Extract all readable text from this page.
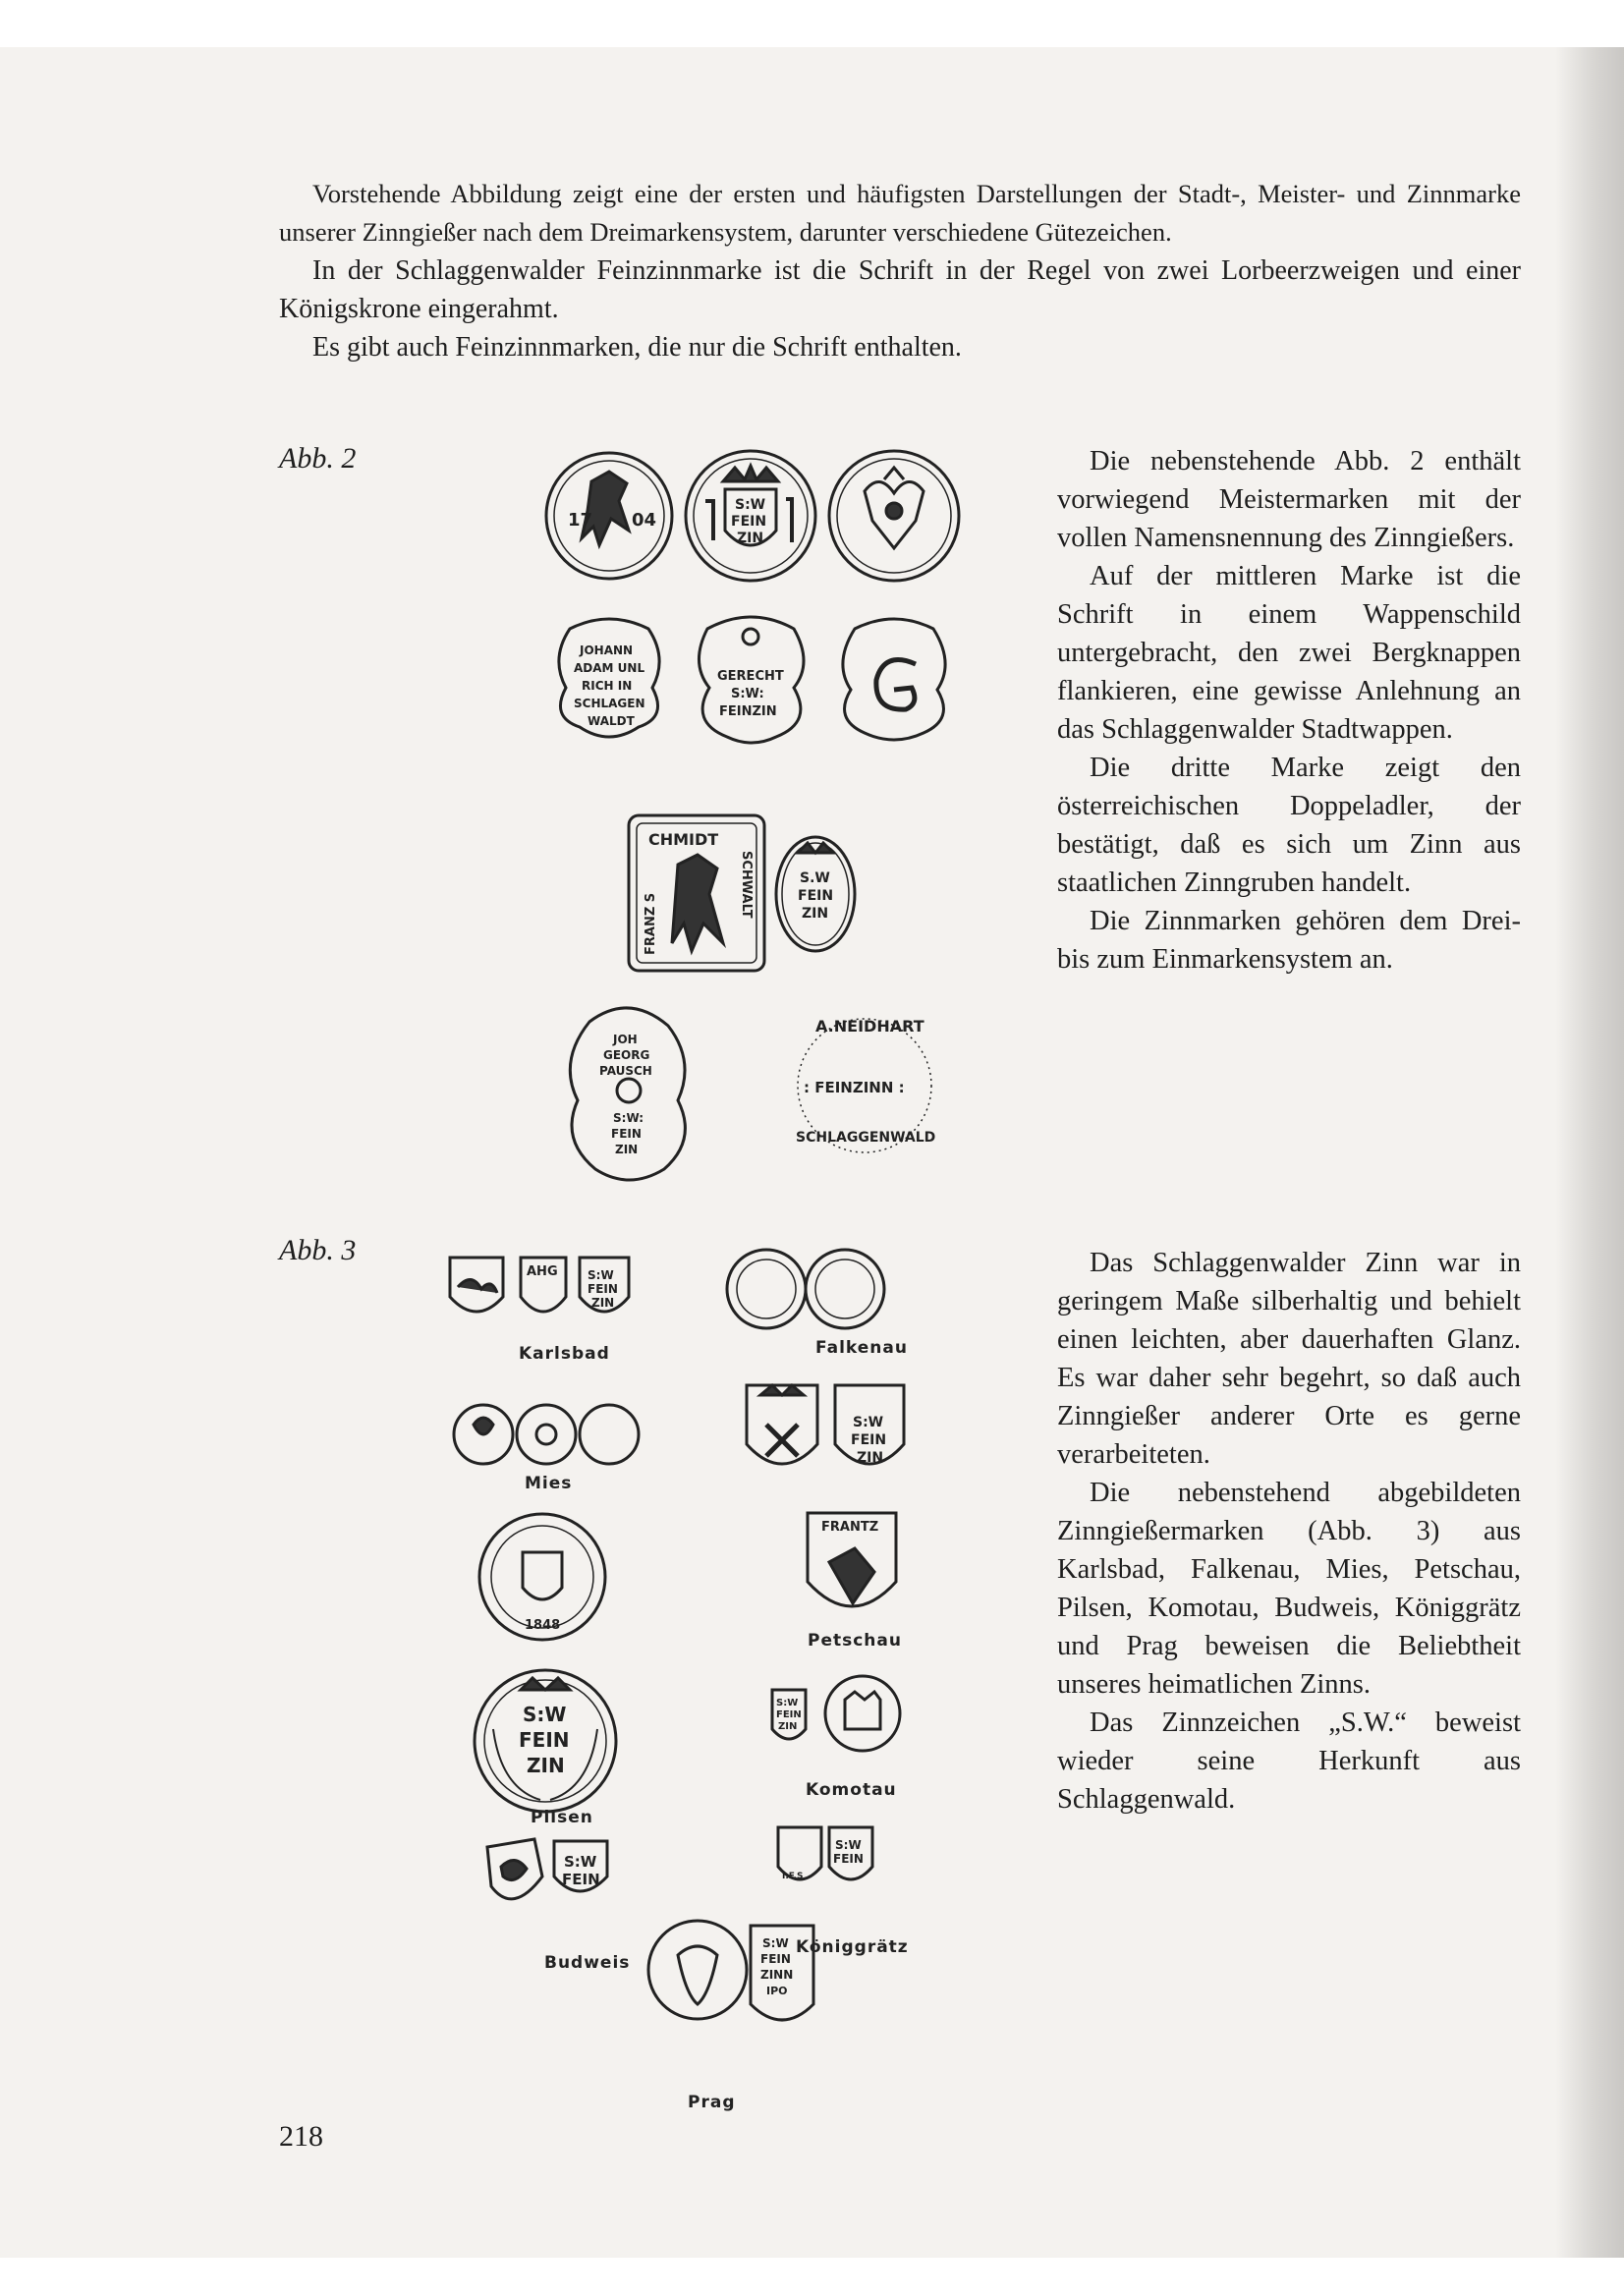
Vorstehende Abbildung zeigt eine der ersten und häufigsten Darstellungen der Stadt-, Meister- und Zinnmarke unserer Zinngießer nach dem Dreimarkensystem, darunter verschiedene Gütezeichen.

In der Schlaggenwalder Feinzinnmarke ist die Schrift in der Regel von zwei Lorbeerzweigen und einer Königskrone eingerahmt.

Es gibt auch Feinzinnmarken, die nur die Schrift enthalten.

Abb. 2	Die nebenstehende Abb. 2 enthält vorwiegend Meistermarken mit der vollen Namensnennung des Zinngießers.

Auf der mittleren Marke ist die Schrift in einem Wappenschild untergebracht, den zwei Bergknappen flankieren, eine gewisse Anlehnung an das Schlaggenwalder Stadtwappen.

Die dritte Marke zeigt den österreichischen Doppeladler, der bestätigt, daß es sich um Zinn aus staatlichen Zinngruben handelt.

Die Zinnmarken gehören dem Drei- bis zum Einmarkensystem an.

17 04
S:W
FEIN
ZIN
JOHANN
ADAM UNL
RICH IN
SCHLAGEN
WALDT
GERECHT
S:W:
FEINZIN
CHMIDT
FRANZ S
SCHWALT	S.W
FEIN
ZIN
JOH
GEORG
PAUSCH
S:W:
FEIN
ZIN
A.NEIDHART
: FEINZINN :
SCHLAGGENWALD
Abb. 3	Das Schlaggenwalder Zinn war in geringem Maße silberhaltig und behielt einen leichten, aber dauerhaften Glanz. Es war daher sehr begehrt, so daß auch Zinngießer anderer Orte es gerne verarbeiteten.

Die nebenstehend abgebildeten Zinngießermarken (Abb. 3) aus Karlsbad, Falkenau, Mies, Petschau, Pilsen, Komotau, Budweis, Königgrätz und Prag beweisen die Beliebtheit unseres heimatlichen Zinns.

Das Zinnzeichen „S.W.“ beweist wieder seine Herkunft aus Schlaggenwald.

AHG	S:W
FEIN
ZIN
S:W
FEIN
ZIN
1848
FRANTZ
S:W
FEIN
ZIN
S:W
FEIN
ZIN
S:W
FEIN	I.F.S
S:W
FEIN
S:W
FEIN
ZINN
IPO
Karlsbad	Falkenau
Mies
Petschau
Pilsen
Komotau
Budweis
Königgrätz
Prag
218
